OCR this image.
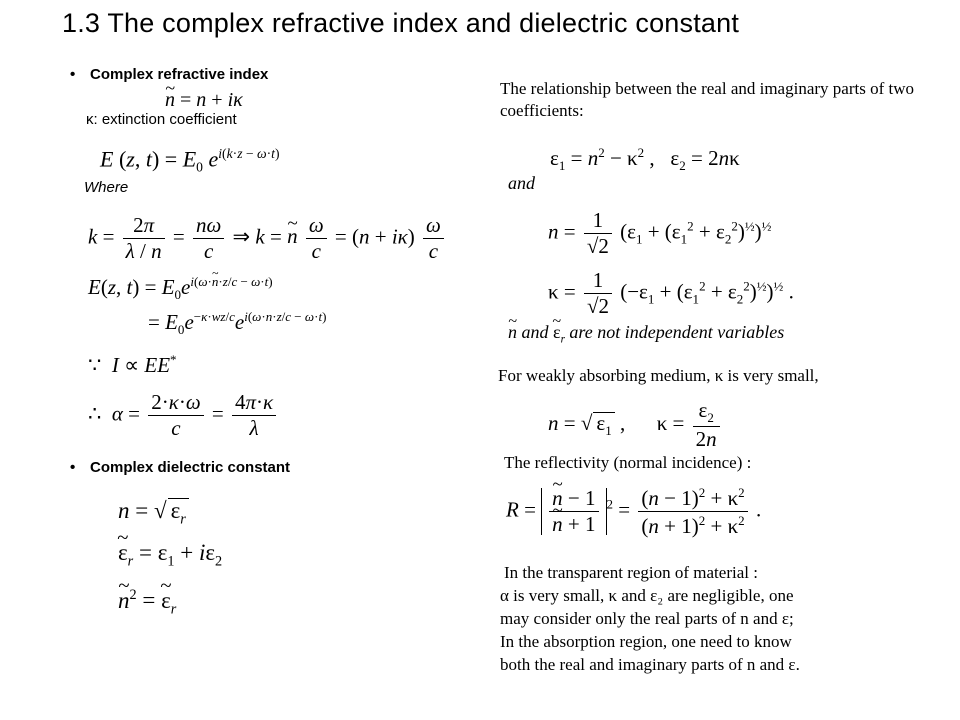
1.3 The complex refractive index and dielectric constant
• Complex refractive index
~ n = n + iκ
κ: extinction coefficient
E (z, $t) = E_0$ $e^{i(k\cdot z - \omega\cdot t)}$
Where
$k = \frac{2\pi}{\lambda / n} = \frac{n\omega}{c}$ ⇒ k = ~ n $\frac{\omega}{c} = (n + i\kappa) \frac{\omega}{c}$
E(z, $t) = E_0e^{i(\omega\cdot\sim n\cdot z/c - \omega\cdot t)}$
= $E_0e^{-\kappa\cdot wz/c}e^{i(\omega\cdot n\cdot z/c - \omega\cdot t)}$
∵  I ∝ EE*
∴  $\alpha = \frac{2\cdot\kappa\cdot\omega}{c} = \frac{4\pi\cdot\kappa}{\lambda}$
• Complex dielectric constant
n = √ $\varepsilon_r$
~ $\varepsilon_r = \varepsilon_1 + i\varepsilon_2$
~ $n^2$ = ~ $\varepsilon_r$
The relationship between the real and imaginary parts of two coefficients:
$\varepsilon_1 = n^2 - \kappa^2$ ,   $\varepsilon_2 = 2n\kappa$
and
$n = \frac{1}{√2} (\varepsilon_1 + (\varepsilon_1^2 + \varepsilon_2^2)^{\frac{1}{2}})^{\frac{1}{2}}$
$\kappa = \frac{1}{√2} (-\varepsilon_1 + (\varepsilon_1^2 + \varepsilon_2^2)^{\frac{1}{2}})^{\frac{1}{2}}$ .
~ n and ~ $\varepsilon_r$ are not independent variables
For weakly absorbing medium, κ is very small,
n = √ $\varepsilon_1$ ,      $\kappa = \frac{\varepsilon_2}{2n}$
The reflectivity (normal incidence) :
R = ~ n − 1
~ n + 1 $^2 = \frac{(n - 1)^2 + \kappa^2}{(n + 1)^2 + \kappa^2}$ .
In the transparent region of material :
α is very small, κ and ε₂ are negligible, one
may consider only the real parts of n and ε;
In the absorption region, one need to know
both the real and imaginary parts of n and ε.
